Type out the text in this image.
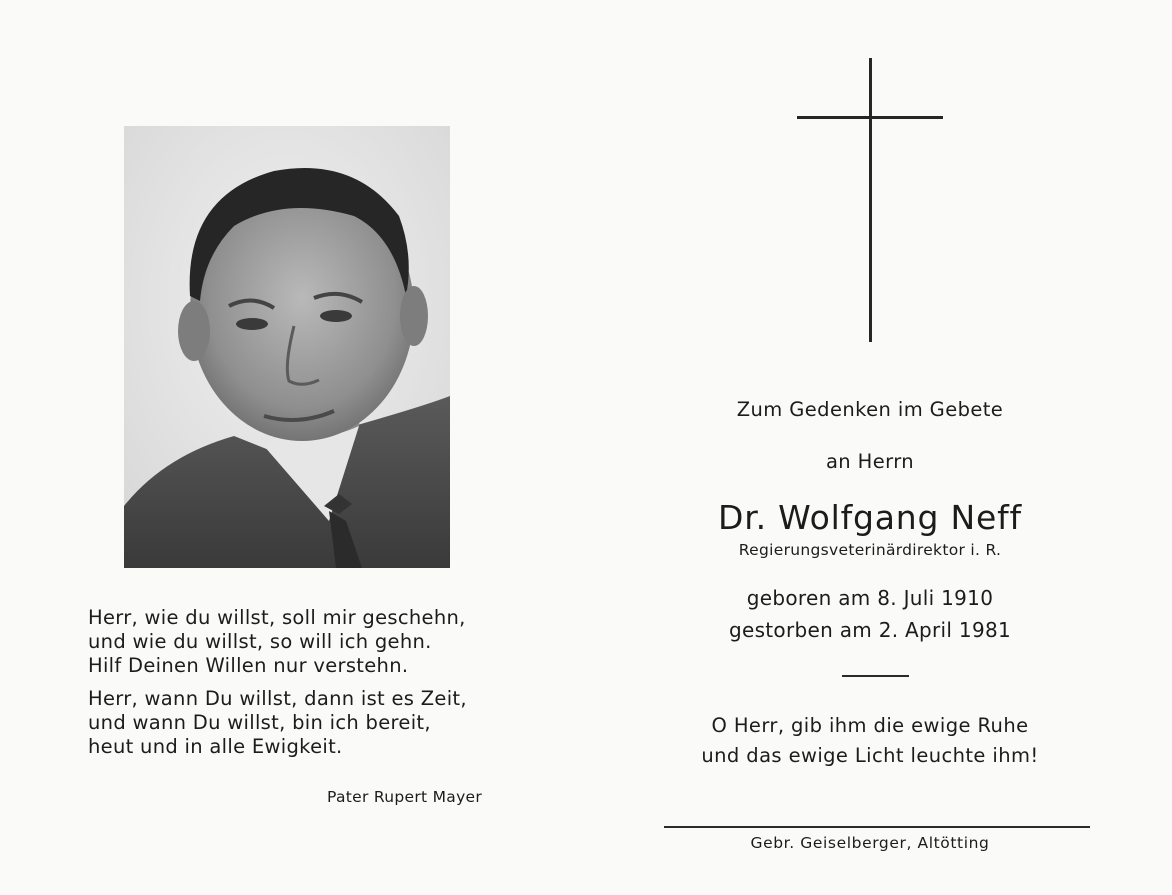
Herr, wie du willst, soll mir geschehn,
und wie du willst, so will ich gehn.
Hilf Deinen Willen nur verstehn.

Herr, wann Du willst, dann ist es Zeit,
und wann Du willst, bin ich bereit,
heut und in alle Ewigkeit.

Pater Rupert Mayer
Zum Gedenken im Gebete
an Herrn
Dr. Wolfgang Neff
Regierungsveterinärdirektor i. R.
geboren am 8. Juli 1910
gestorben am 2. April 1981
O Herr, gib ihm die ewige Ruhe
und das ewige Licht leuchte ihm!
Gebr. Geiselberger, Altötting
